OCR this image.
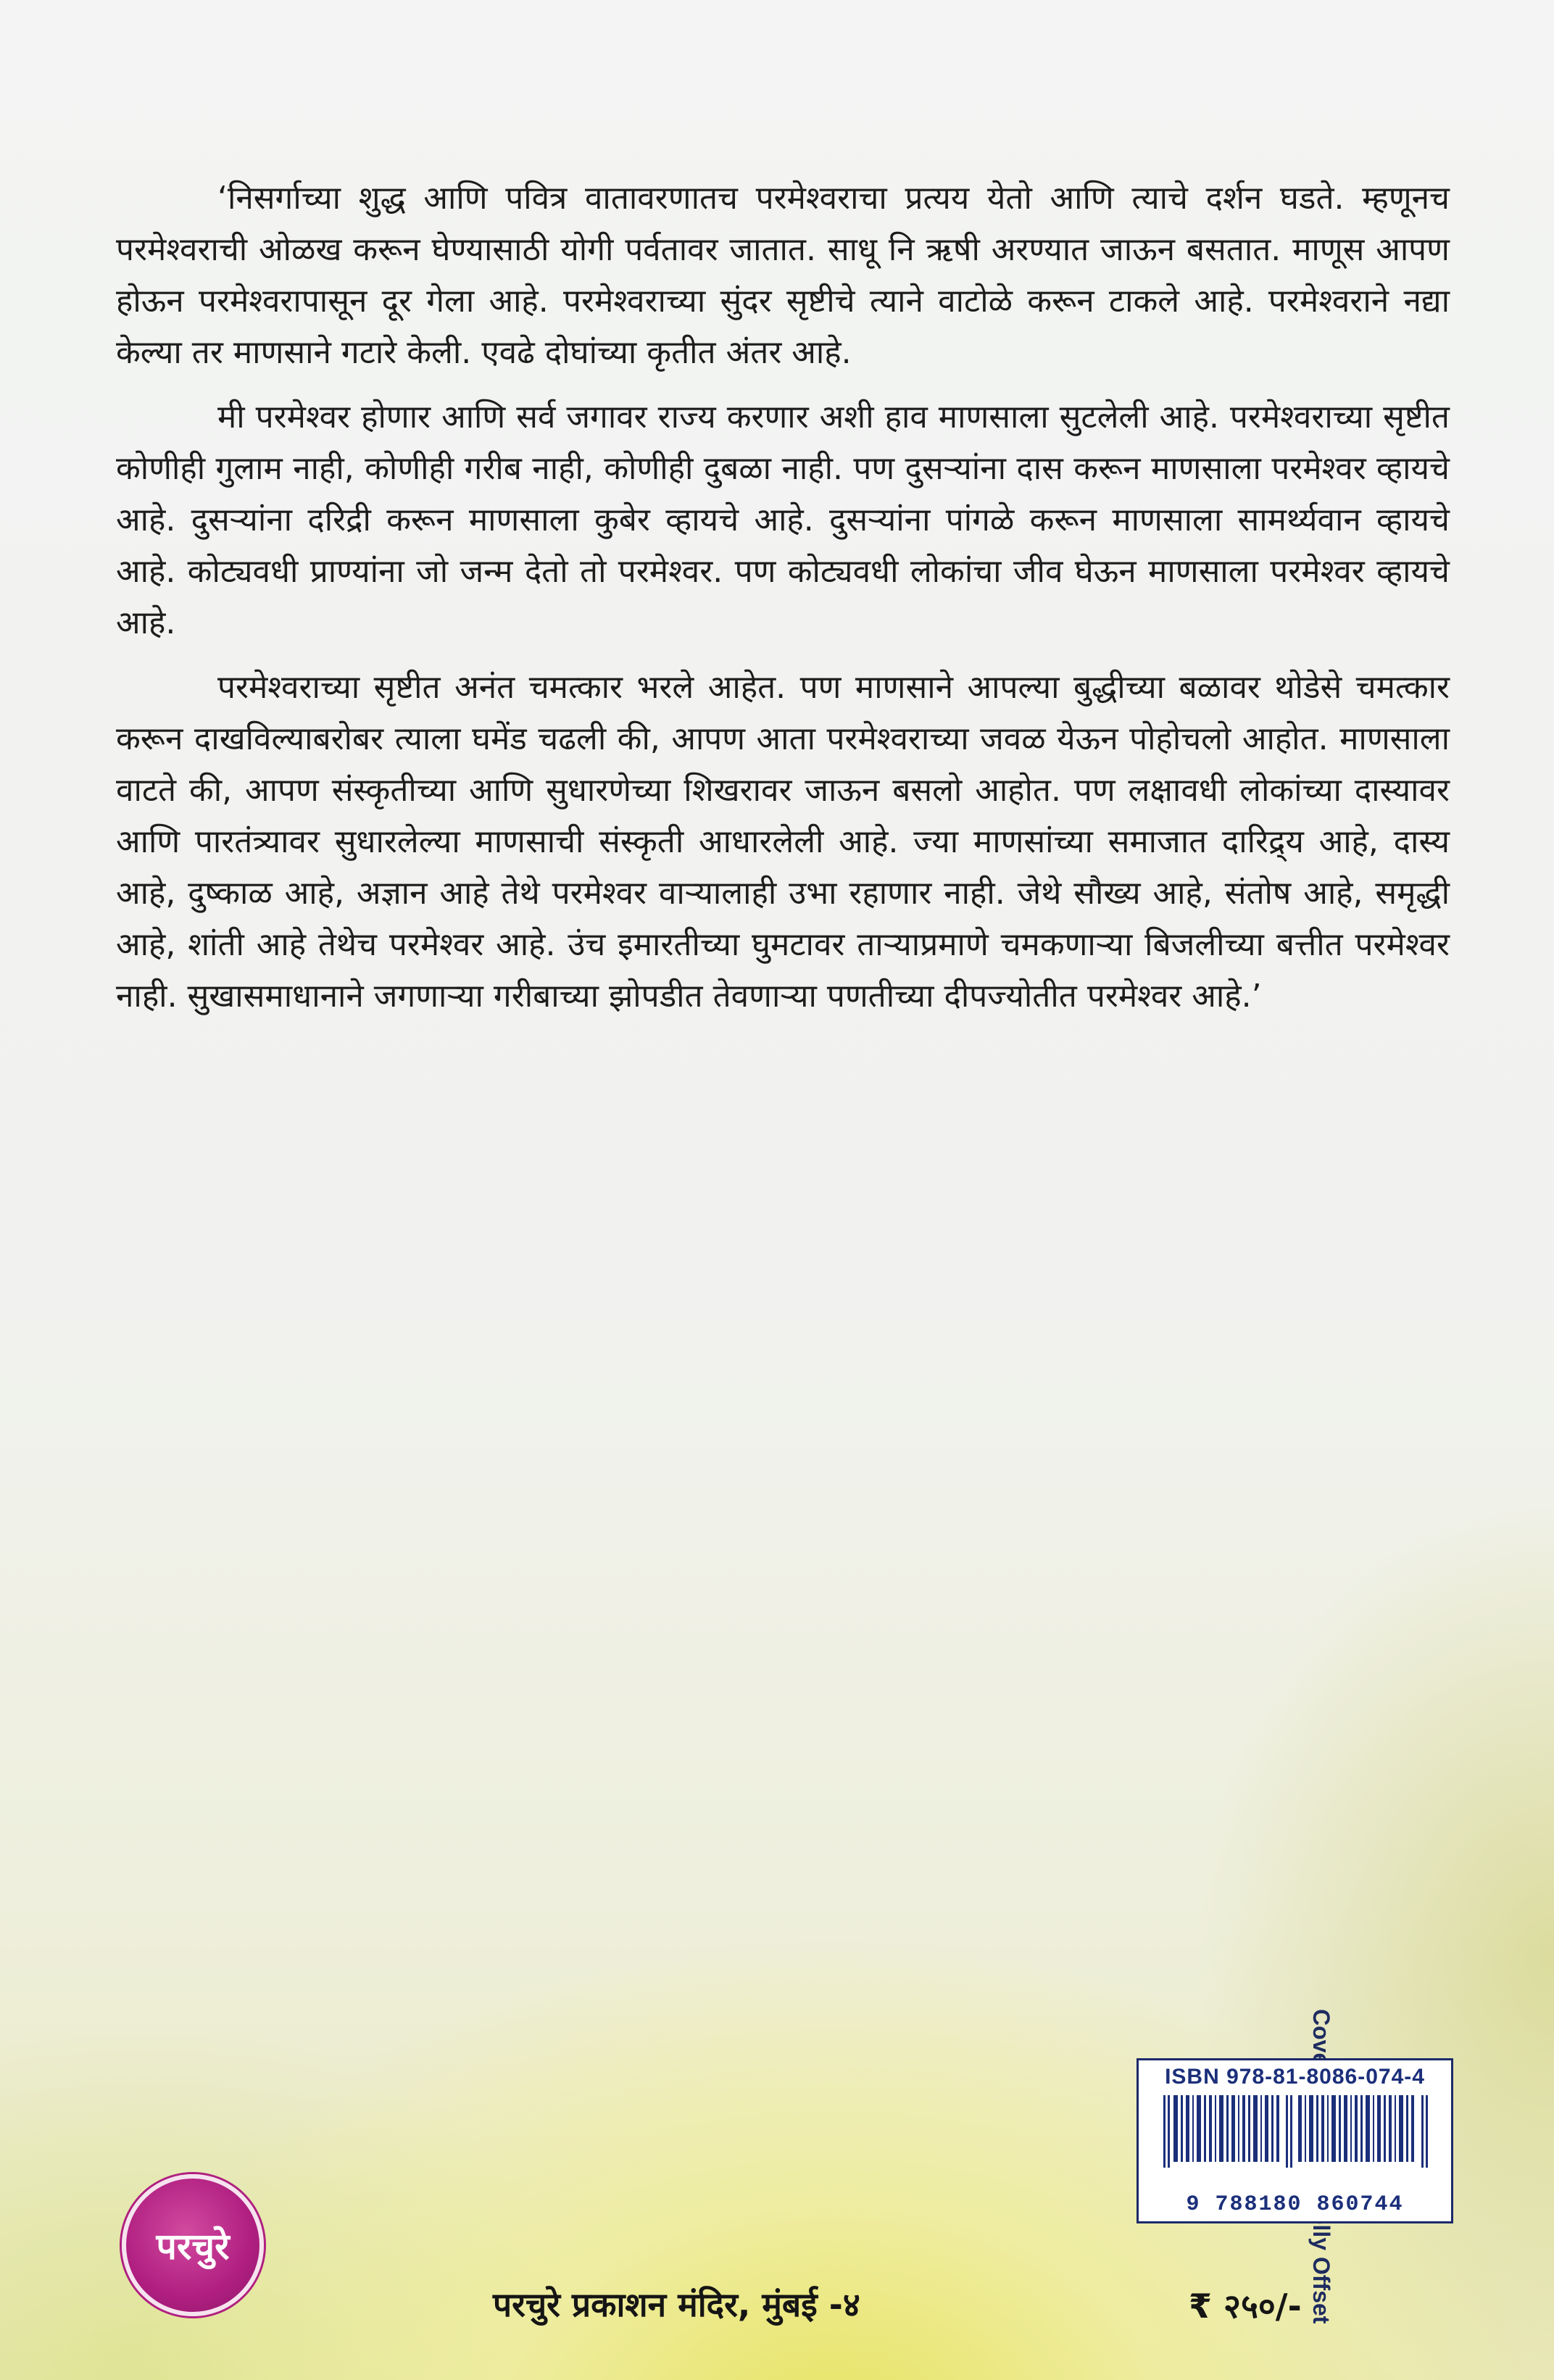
‘निसर्गाच्या शुद्ध आणि पवित्र वातावरणातच परमेश्वराचा प्रत्यय येतो आणि त्याचे दर्शन घडते. म्हणूनच परमेश्वराची ओळख करून घेण्यासाठी योगी पर्वतावर जातात. साधू नि ऋषी अरण्यात जाऊन बसतात. माणूस आपण होऊन परमेश्वरापासून दूर गेला आहे. परमेश्वराच्या सुंदर सृष्टीचे त्याने वाटोळे करून टाकले आहे. परमेश्वराने नद्या केल्या तर माणसाने गटारे केली. एवढे दोघांच्या कृतीत अंतर आहे.

मी परमेश्वर होणार आणि सर्व जगावर राज्य करणार अशी हाव माणसाला सुटलेली आहे. परमेश्वराच्या सृष्टीत कोणीही गुलाम नाही, कोणीही गरीब नाही, कोणीही दुबळा नाही. पण दुसऱ्यांना दास करून माणसाला परमेश्वर व्हायचे आहे. दुसऱ्यांना दरिद्री करून माणसाला कुबेर व्हायचे आहे. दुसऱ्यांना पांगळे करून माणसाला सामर्थ्यवान व्हायचे आहे. कोट्यवधी प्राण्यांना जो जन्म देतो तो परमेश्वर. पण कोट्यवधी लोकांचा जीव घेऊन माणसाला परमेश्वर व्हायचे आहे.

परमेश्वराच्या सृष्टीत अनंत चमत्कार भरले आहेत. पण माणसाने आपल्या बुद्धीच्या बळावर थोडेसे चमत्कार करून दाखविल्याबरोबर त्याला घमेंड चढली की, आपण आता परमेश्वराच्या जवळ येऊन पोहोचलो आहोत. माणसाला वाटते की, आपण संस्कृतीच्या आणि सुधारणेच्या शिखरावर जाऊन बसलो आहोत. पण लक्षावधी लोकांच्या दास्यावर आणि पारतंत्र्यावर सुधारलेल्या माणसाची संस्कृती आधारलेली आहे. ज्या माणसांच्या समाजात दारिद्र्य आहे, दास्य आहे, दुष्काळ आहे, अज्ञान आहे तेथे परमेश्वर वाऱ्यालाही उभा रहाणार नाही. जेथे सौख्य आहे, संतोष आहे, समृद्धी आहे, शांती आहे तेथेच परमेश्वर आहे. उंच इमारतीच्या घुमटावर ताऱ्याप्रमाणे चमकणाऱ्या बिजलीच्या बत्तीत परमेश्वर नाही. सुखासमाधानाने जगणाऱ्या गरीबाच्या झोपडीत तेवणाऱ्या पणतीच्या दीपज्योतीत परमेश्वर आहे.’

ISBN 978-81-8086-074-4
9 788180 860744
परचुरे
परचुरे प्रकाशन मंदिर, मुंबई -४	₹ २५०/-
